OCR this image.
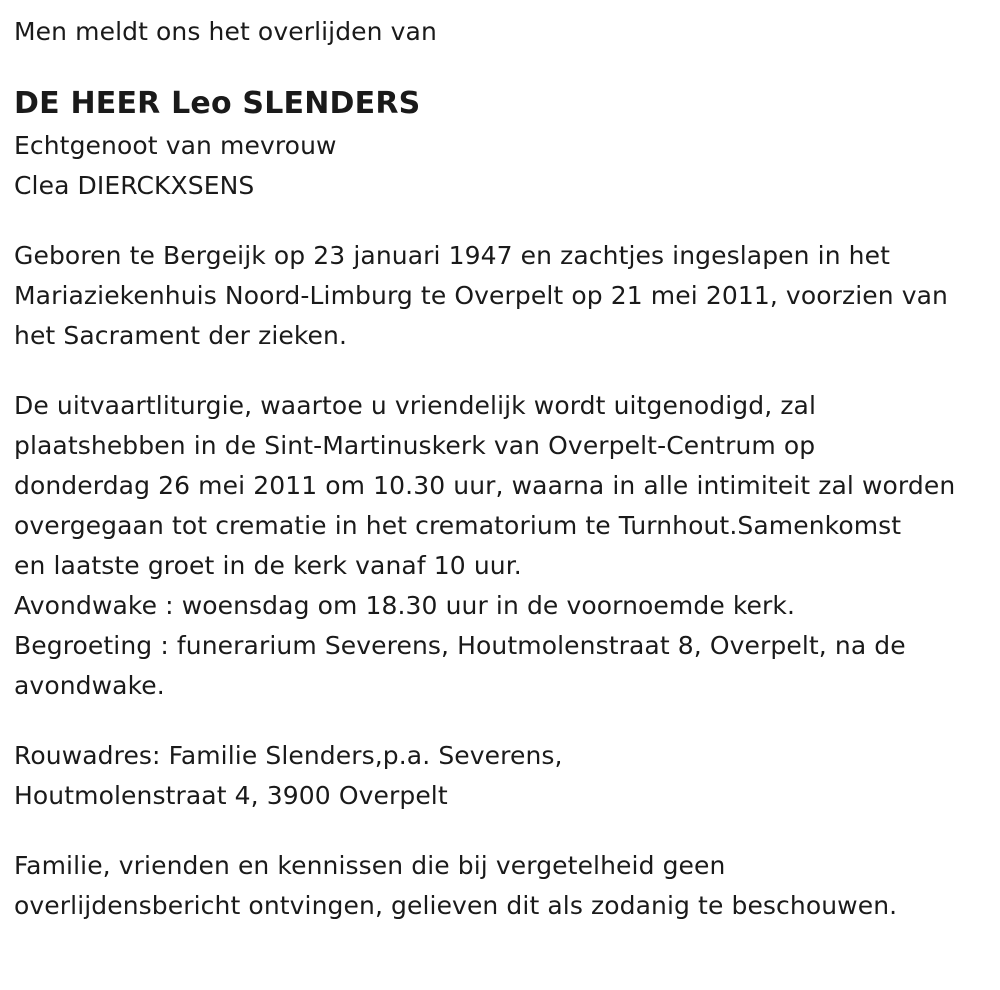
Men meldt ons het overlijden van
DE HEER Leo SLENDERS
Echtgenoot van mevrouw
Clea DIERCKXSENS
Geboren te Bergeijk op 23 januari 1947 en zachtjes ingeslapen in het
Mariaziekenhuis Noord-Limburg te Overpelt op 21 mei 2011, voorzien van
het Sacrament der zieken.
De uitvaartliturgie, waartoe u vriendelijk wordt uitgenodigd, zal
plaatshebben in de Sint-Martinuskerk van Overpelt-Centrum op
donderdag 26 mei 2011 om 10.30 uur, waarna in alle intimiteit zal worden
overgegaan tot crematie in het crematorium te Turnhout.Samenkomst
en laatste groet in de kerk vanaf 10 uur.
Avondwake : woensdag om 18.30 uur in de voornoemde kerk.
Begroeting : funerarium Severens, Houtmolenstraat 8, Overpelt, na de
avondwake.
Rouwadres: Familie Slenders,p.a. Severens,
Houtmolenstraat 4, 3900 Overpelt
Familie, vrienden en kennissen die bij vergetelheid geen
overlijdensbericht ontvingen, gelieven dit als zodanig te beschouwen.
